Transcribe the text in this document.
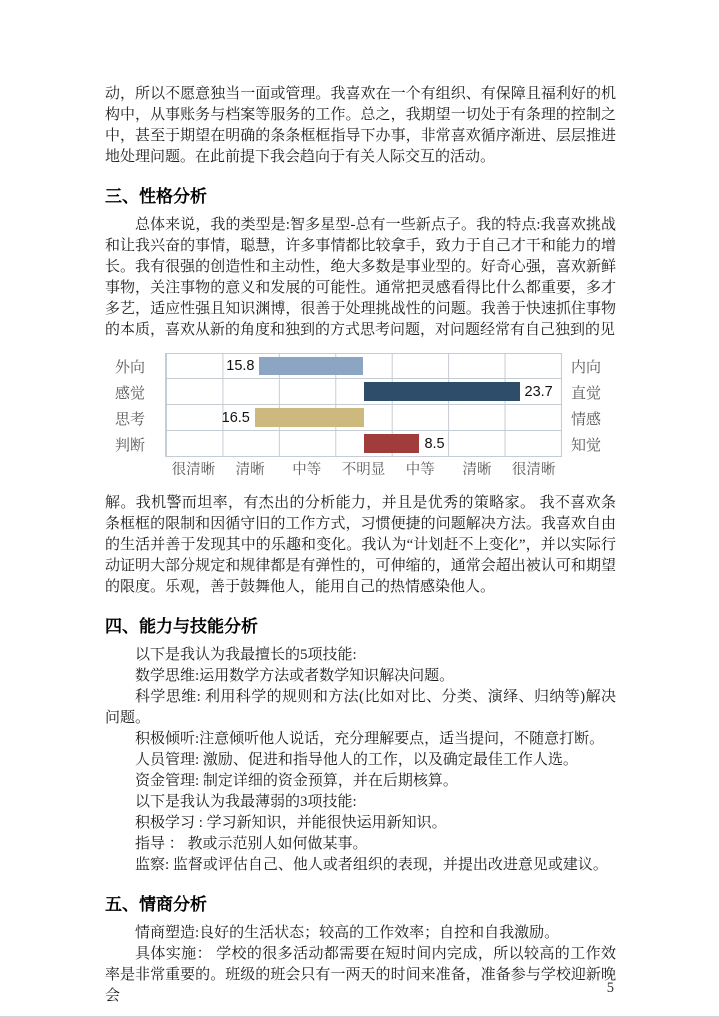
动，所以不愿意独当一面或管理。我喜欢在一个有组织、有保障且福利好的机构中，从事账务与档案等服务的工作。总之，我期望一切处于有条理的控制之中，甚至于期望在明确的条条框框指导下办事，非常喜欢循序渐进、层层推进地处理问题。在此前提下我会趋向于有关人际交互的活动。

三、性格分析

总体来说，我的类型是:智多星型-总有一些新点子。我的特点:我喜欢挑战和让我兴奋的事情，聪慧，许多事情都比较拿手，致力于自己才干和能力的增长。我有很强的创造性和主动性，绝大多数是事业型的。好奇心强，喜欢新鲜事物，关注事物的意义和发展的可能性。通常把灵感看得比什么都重要，多才多艺，适应性强且知识渊博，很善于处理挑战性的问题。我善于快速抓住事物的本质，喜欢从新的角度和独到的方式思考问题，对问题经常有自己独到的见

外向	15.8	内向
感觉	23.7	直觉
思考	16.5	情感
判断	8.5	知觉
很清晰	清晰	中等	不明显	中等	清晰	很清晰

解。我机警而坦率，有杰出的分析能力，并且是优秀的策略家。 我不喜欢条条框框的限制和因循守旧的工作方式，习惯便捷的问题解决方法。我喜欢自由的生活并善于发现其中的乐趣和变化。我认为“计划赶不上变化”，并以实际行动证明大部分规定和规律都是有弹性的，可伸缩的，通常会超出被认可和期望的限度。乐观，善于鼓舞他人，能用自己的热情感染他人。

四、能力与技能分析

以下是我认为我最擅长的5项技能:

数学思维:运用数学方法或者数学知识解决问题。

科学思维: 利用科学的规则和方法(比如对比、分类、演绎、归纳等)解决问题。

积极倾听:注意倾听他人说话，充分理解要点，适当提问，不随意打断。

人员管理: 激励、促进和指导他人的工作，以及确定最佳工作人选。

资金管理: 制定详细的资金预算，并在后期核算。

以下是我认为我最薄弱的3项技能:

积极学习 : 学习新知识，并能很快运用新知识。

指导 ： 教或示范别人如何做某事。

监察: 监督或评估自己、他人或者组织的表现，并提出改进意见或建议。

五、情商分析

情商塑造:良好的生活状态；较高的工作效率；自控和自我激励。

具体实施： 学校的很多活动都需要在短时间内完成，所以较高的工作效率是非常重要的。班级的班会只有一两天的时间来准备，准备参与学校迎新晚会	5
